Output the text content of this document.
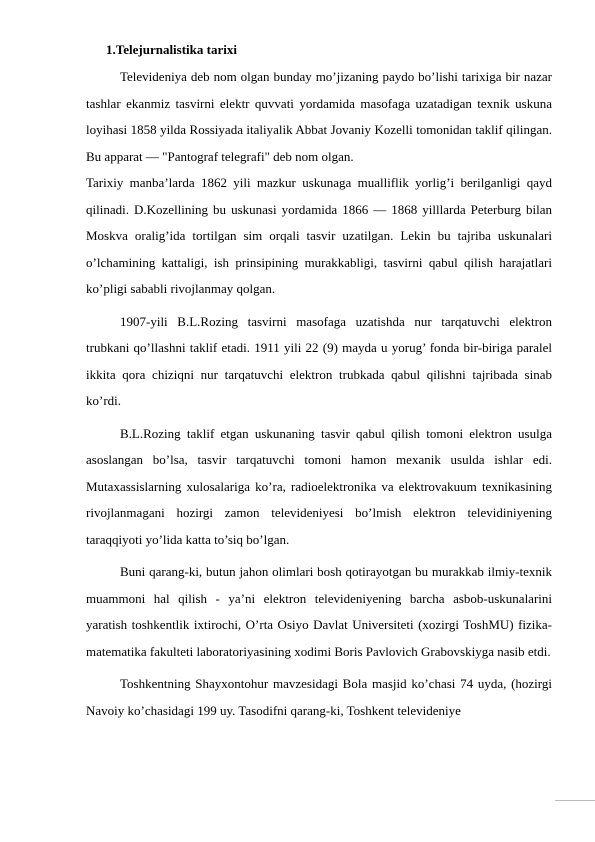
1.Telejurnalistika tarixi

Televideniya deb nom olgan bunday mo’jizaning paydo bo’lishi tarixiga bir nazar tashlar ekanmiz tasvirni elektr quvvati yordamida masofaga uzatadigan texnik uskuna loyihasi 1858 yilda Rossiyada italiyalik Abbat Jovaniy Kozelli tomonidan taklif qilingan. Bu apparat — "Pantograf telegrafi" deb nom olgan.

Tarixiy manba’larda 1862 yili mazkur uskunaga mualliflik yorlig’i berilganligi qayd qilinadi. D.Kozellining bu uskunasi yordamida 1866 — 1868 yilllarda Peterburg bilan Moskva oralig’ida tortilgan sim orqali tasvir uzatilgan. Lekin bu tajriba uskunalari o’lchamining kattaligi, ish prinsipining murakkabligi, tasvirni qabul qilish harajatlari ko’pligi sababli rivojlanmay qolgan.

1907-yili B.L.Rozing tasvirni masofaga uzatishda nur tarqatuvchi elektron trubkani qo’llashni taklif etadi. 1911 yili 22 (9) mayda u yorug’ fonda bir-biriga paralel ikkita qora chiziqni nur tarqatuvchi elektron trubkada qabul qilishni tajribada sinab ko’rdi.

B.L.Rozing taklif etgan uskunaning tasvir qabul qilish tomoni elektron usulga asoslangan bo’lsa, tasvir tarqatuvchi tomoni hamon mexanik usulda ishlar edi. Mutaxassislarning xulosalariga ko’ra, radioelektronika va elektrovakuum texnikasining rivojlanmagani hozirgi zamon televideniyesi bo’lmish elektron televidiniyening taraqqiyoti yo’lida katta to’siq bo’lgan.

Buni qarang-ki, butun jahon olimlari bosh qotirayotgan bu murakkab ilmiy-texnik muammoni hal qilish - ya’ni elektron televideniyening barcha asbob-uskunalarini yaratish toshkentlik ixtirochi, O’rta Osiyo Davlat Universiteti (xozirgi ToshMU) fizika-matematika fakulteti laboratoriyasining xodimi Boris Pavlovich Grabovskiyga nasib etdi.

Toshkentning Shayxontohur mavzesidagi Bola masjid ko’chasi 74 uyda, (hozirgi Navoiy ko’chasidagi 199 uy. Tasodifni qarang-ki, Toshkent televideniye
